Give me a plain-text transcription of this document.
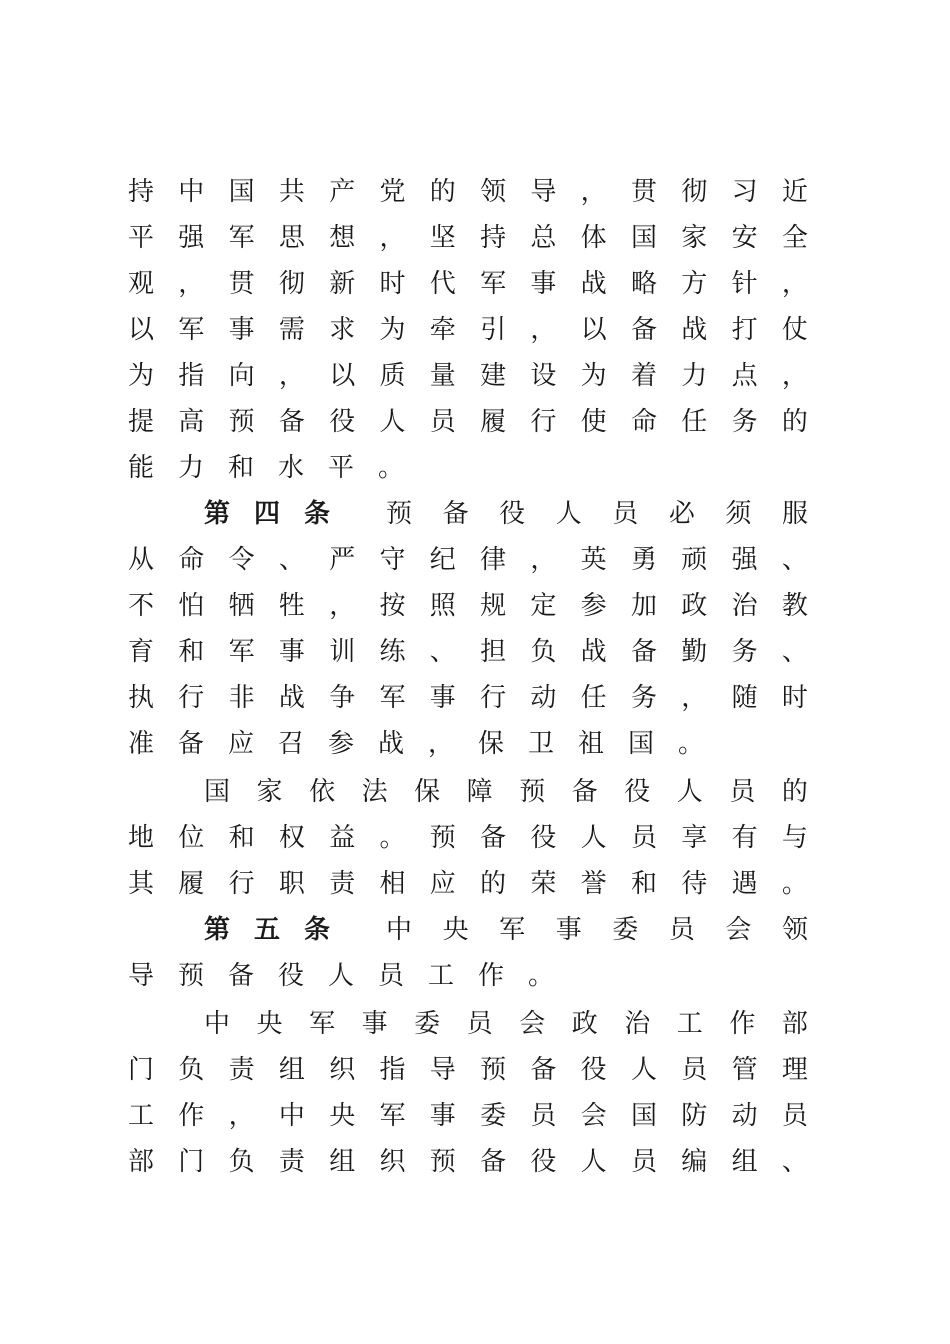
持 中 国 共 产 党 的 领 导 ， 贯 彻 习 近
平 强 军 思 想 ， 坚 持 总 体 国 家 安 全
观 ， 贯 彻 新 时 代 军 事 战 略 方 针 ，
以 军 事 需 求 为 牵 引 ， 以 备 战 打 仗
为 指 向 ， 以 质 量 建 设 为 着 力 点 ，
提 高 预 备 役 人 员 履 行 使 命 任 务 的
能 力 和 水 平 。
第 四 条 预 备 役 人 员 必 须 服
从 命 令 、 严 守 纪 律 ， 英 勇 顽 强 、
不 怕 牺 牲 ， 按 照 规 定 参 加 政 治 教
育 和 军 事 训 练 、 担 负 战 备 勤 务 、
执 行 非 战 争 军 事 行 动 任 务 ， 随 时
准 备 应 召 参 战 ， 保 卫 祖 国 。
国 家 依 法 保 障 预 备 役 人 员 的
地 位 和 权 益 。 预 备 役 人 员 享 有 与
其 履 行 职 责 相 应 的 荣 誉 和 待 遇 。
第 五 条 中 央 军 事 委 员 会 领
导 预 备 役 人 员 工 作 。
中 央 军 事 委 员 会 政 治 工 作 部
门 负 责 组 织 指 导 预 备 役 人 员 管 理
工 作 ， 中 央 军 事 委 员 会 国 防 动 员
部 门 负 责 组 织 预 备 役 人 员 编 组 、
